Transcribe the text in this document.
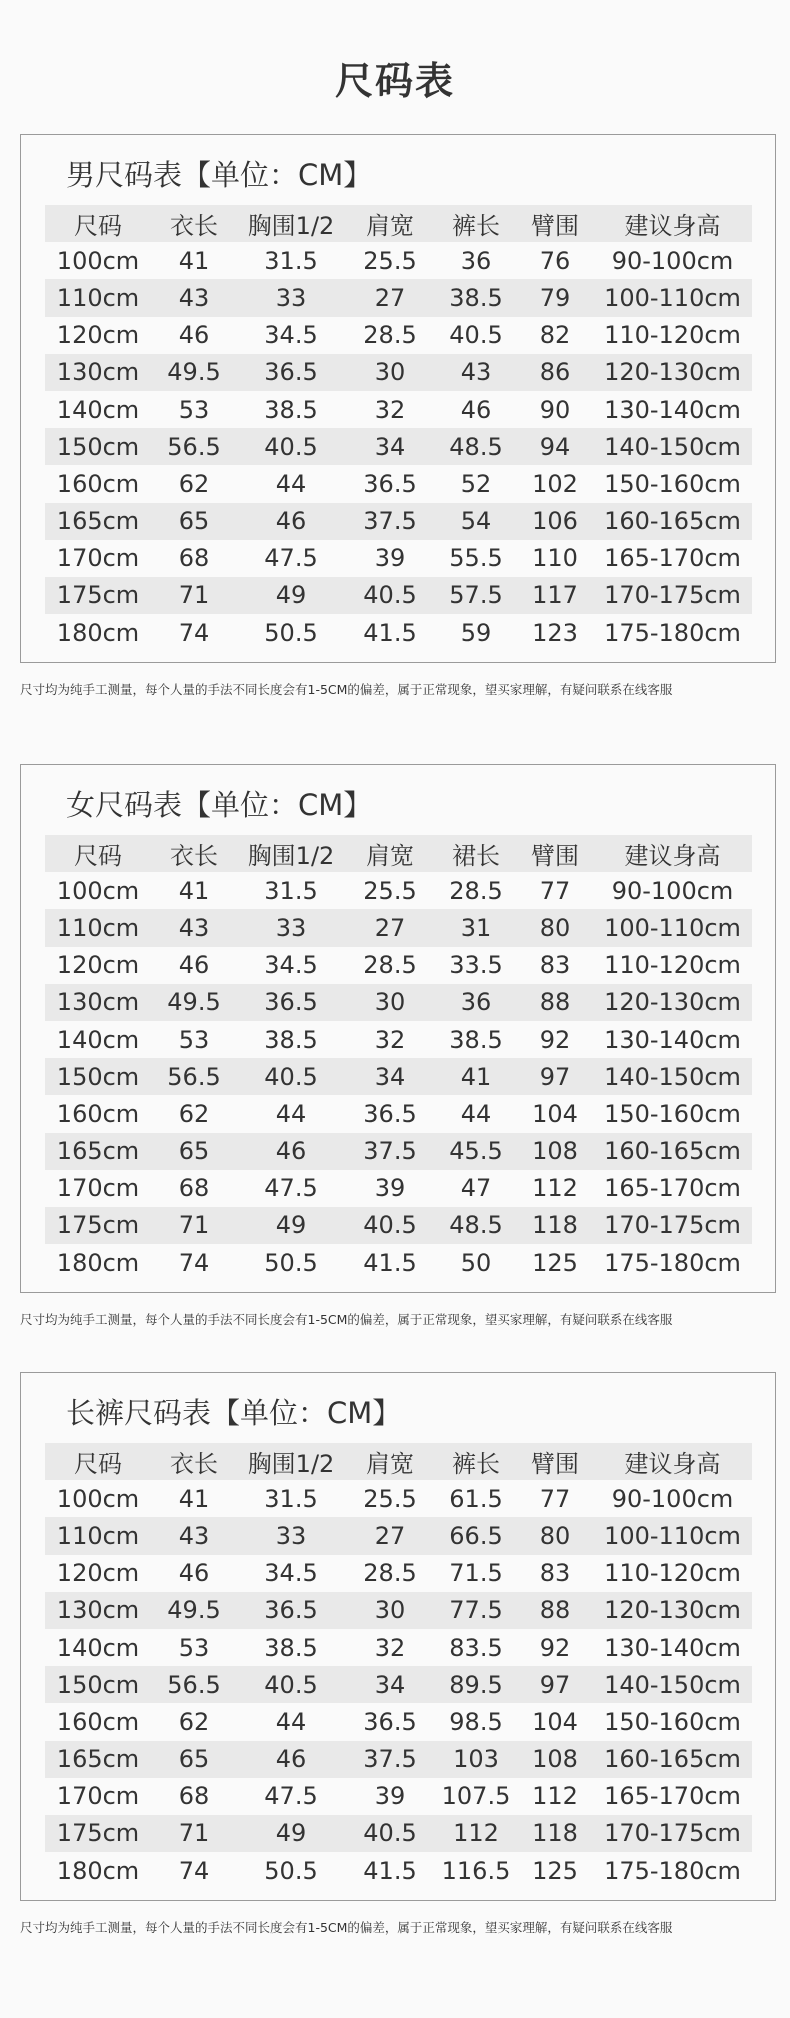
尺码表
男尺码表【单位：CM】
尺码	衣长	胸围1/2	肩宽	裤长	臂围	建议身高
100cm	41	31.5	25.5	36	76	90-100cm
110cm	43	33	27	38.5	79	100-110cm
120cm	46	34.5	28.5	40.5	82	110-120cm
130cm	49.5	36.5	30	43	86	120-130cm
140cm	53	38.5	32	46	90	130-140cm
150cm	56.5	40.5	34	48.5	94	140-150cm
160cm	62	44	36.5	52	102	150-160cm
165cm	65	46	37.5	54	106	160-165cm
170cm	68	47.5	39	55.5	110	165-170cm
175cm	71	49	40.5	57.5	117	170-175cm
180cm	74	50.5	41.5	59	123	175-180cm
尺寸均为纯手工测量，每个人量的手法不同长度会有1-5CM的偏差，属于正常现象，望买家理解，有疑问联系在线客服
女尺码表【单位：CM】
尺码	衣长	胸围1/2	肩宽	裙长	臂围	建议身高
100cm	41	31.5	25.5	28.5	77	90-100cm
110cm	43	33	27	31	80	100-110cm
120cm	46	34.5	28.5	33.5	83	110-120cm
130cm	49.5	36.5	30	36	88	120-130cm
140cm	53	38.5	32	38.5	92	130-140cm
150cm	56.5	40.5	34	41	97	140-150cm
160cm	62	44	36.5	44	104	150-160cm
165cm	65	46	37.5	45.5	108	160-165cm
170cm	68	47.5	39	47	112	165-170cm
175cm	71	49	40.5	48.5	118	170-175cm
180cm	74	50.5	41.5	50	125	175-180cm
尺寸均为纯手工测量，每个人量的手法不同长度会有1-5CM的偏差，属于正常现象，望买家理解，有疑问联系在线客服
长裤尺码表【单位：CM】
尺码	衣长	胸围1/2	肩宽	裤长	臂围	建议身高
100cm	41	31.5	25.5	61.5	77	90-100cm
110cm	43	33	27	66.5	80	100-110cm
120cm	46	34.5	28.5	71.5	83	110-120cm
130cm	49.5	36.5	30	77.5	88	120-130cm
140cm	53	38.5	32	83.5	92	130-140cm
150cm	56.5	40.5	34	89.5	97	140-150cm
160cm	62	44	36.5	98.5	104	150-160cm
165cm	65	46	37.5	103	108	160-165cm
170cm	68	47.5	39	107.5	112	165-170cm
175cm	71	49	40.5	112	118	170-175cm
180cm	74	50.5	41.5	116.5	125	175-180cm
尺寸均为纯手工测量，每个人量的手法不同长度会有1-5CM的偏差，属于正常现象，望买家理解，有疑问联系在线客服
